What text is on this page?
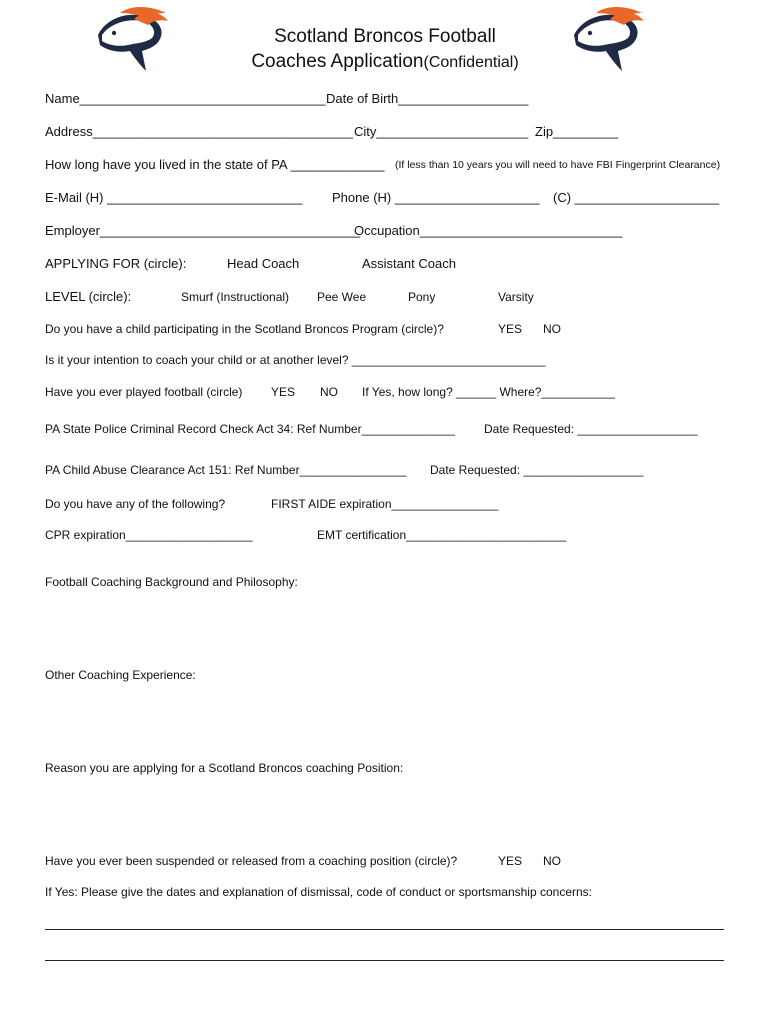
Scotland Broncos Football
Coaches Application(Confidential)
Name__________________________________ Date of Birth__________________
Address____________________________________ City_____________________ Zip_________
How long have you lived in the state of PA _____________ (If less than 10 years you will need to have FBI Fingerprint Clearance)
E-Mail (H) ___________________________ Phone (H) ____________________ (C) ____________________
Employer____________________________________
Occupation____________________________
APPLYING FOR (circle):	Head Coach	Assistant Coach
LEVEL (circle):	Smurf (Instructional) Pee Wee	Pony	Varsity
Do you have a child participating in the Scotland Broncos Program (circle)?	YES NO
Is it your intention to coach your child or at another level? _____________________________
Have you ever played football (circle) YES NO If Yes, how long? ______ Where?___________
PA State Police Criminal Record Check Act 34: Ref Number______________ Date Requested: __________________
PA Child Abuse Clearance Act 151: Ref Number________________ Date Requested: __________________
Do you have any of the following?	FIRST AIDE expiration________________
CPR expiration___________________	EMT certification________________________
Football Coaching Background and Philosophy:
Other Coaching Experience:
Reason you are applying for a Scotland Broncos coaching Position:
Have you ever been suspended or released from a coaching position (circle)?	YES NO
If Yes: Please give the dates and explanation of dismissal, code of conduct or sportsmanship concerns:
